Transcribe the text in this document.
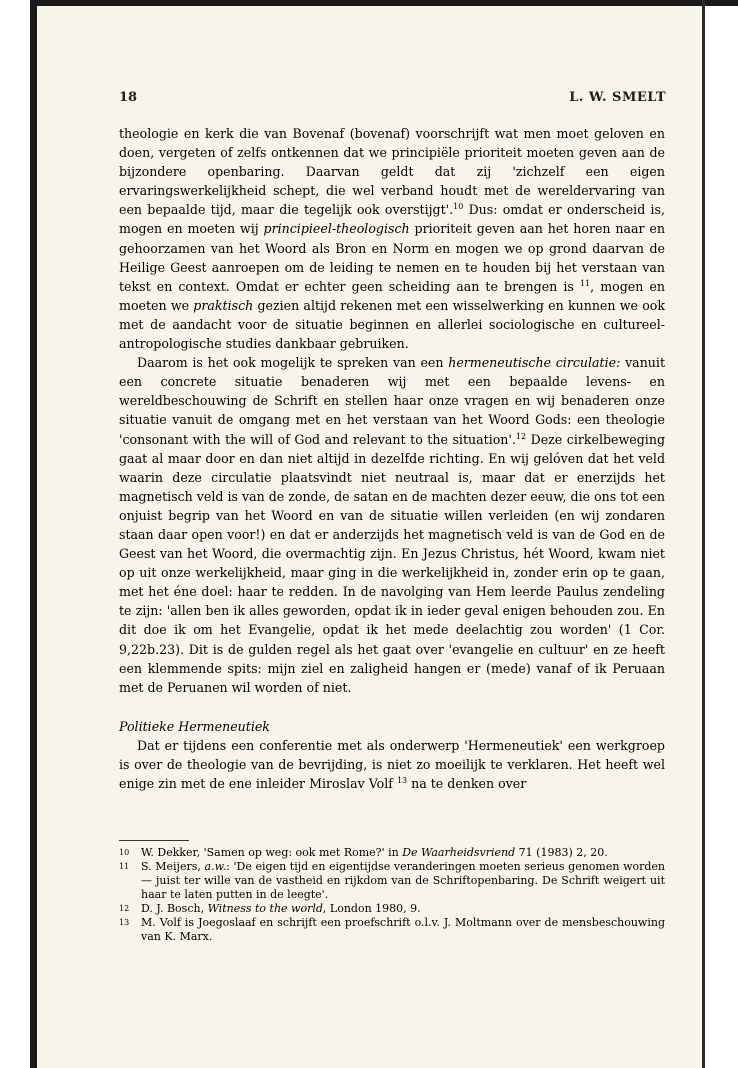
18	L. W. SMELT

theologie en kerk die van Bovenaf (bovenaf) voorschrijft wat men moet geloven en doen, vergeten of zelfs ontkennen dat we principiële prioriteit moeten geven aan de bijzondere openbaring. Daarvan geldt dat zij 'zichzelf een eigen ervaringswerkelijkheid schept, die wel verband houdt met de wereldervaring van een bepaalde tijd, maar die tegelijk ook overstijgt'.$^{10}$ Dus: omdat er onderscheid is, mogen en moeten wij principieel-theologisch prioriteit geven aan het horen naar en gehoorzamen van het Woord als Bron en Norm en mogen we op grond daarvan de Heilige Geest aanroepen om de leiding te nemen en te houden bij het verstaan van tekst en context. Omdat er echter geen scheiding aan te brengen is $^{11}$, mogen en moeten we praktisch gezien altijd rekenen met een wisselwerking en kunnen we ook met de aandacht voor de situatie beginnen en allerlei sociologische en cultureel-antropologische studies dankbaar gebruiken.

Daarom is het ook mogelijk te spreken van een hermeneutische circulatie: vanuit een concrete situatie benaderen wij met een bepaalde levens- en wereldbeschouwing de Schrift en stellen haar onze vragen en wij benaderen onze situatie vanuit de omgang met en het verstaan van het Woord Gods: een theologie 'consonant with the will of God and relevant to the situation'.$^{12}$ Deze cirkelbeweging gaat al maar door en dan niet altijd in dezelfde richting. En wij gelóven dat het veld waarin deze circulatie plaatsvindt niet neutraal is, maar dat er enerzijds het magnetisch veld is van de zonde, de satan en de machten dezer eeuw, die ons tot een onjuist begrip van het Woord en van de situatie willen verleiden (en wij zondaren staan daar open voor!) en dat er anderzijds het magnetisch veld is van de God en de Geest van het Woord, die overmachtig zijn. En Jezus Christus, hét Woord, kwam niet op uit onze werkelijkheid, maar ging in die werkelijkheid in, zonder erin op te gaan, met het éne doel: haar te redden. In de navolging van Hem leerde Paulus zendeling te zijn: 'allen ben ik alles geworden, opdat ik in ieder geval enigen behouden zou. En dit doe ik om het Evangelie, opdat ik het mede deelachtig zou worden' (1 Cor. 9,22b.23). Dit is de gulden regel als het gaat over 'evangelie en cultuur' en ze heeft een klemmende spits: mijn ziel en zaligheid hangen er (mede) vanaf of ik Peruaan met de Peruanen wil worden of niet.

Politieke Hermeneutiek

Dat er tijdens een conferentie met als onderwerp 'Hermeneutiek' een werkgroep is over de theologie van de bevrijding, is niet zo moeilijk te verklaren. Het heeft wel enige zin met de ene inleider Miroslav Volf $^{13}$ na te denken over

10 W. Dekker, 'Samen op weg: ook met Rome?' in De Waarheidsvriend 71 (1983) 2, 20.

11 S. Meijers, a.w.: 'De eigen tijd en eigentijdse veranderingen moeten serieus genomen worden — juist ter wille van de vastheid en rijkdom van de Schriftopenbaring. De Schrift weigert uit haar te laten putten in de leegte'.

12 D. J. Bosch, Witness to the world, London 1980, 9.

13 M. Volf is Joegoslaaf en schrijft een proefschrift o.l.v. J. Moltmann over de mensbeschouwing van K. Marx.
